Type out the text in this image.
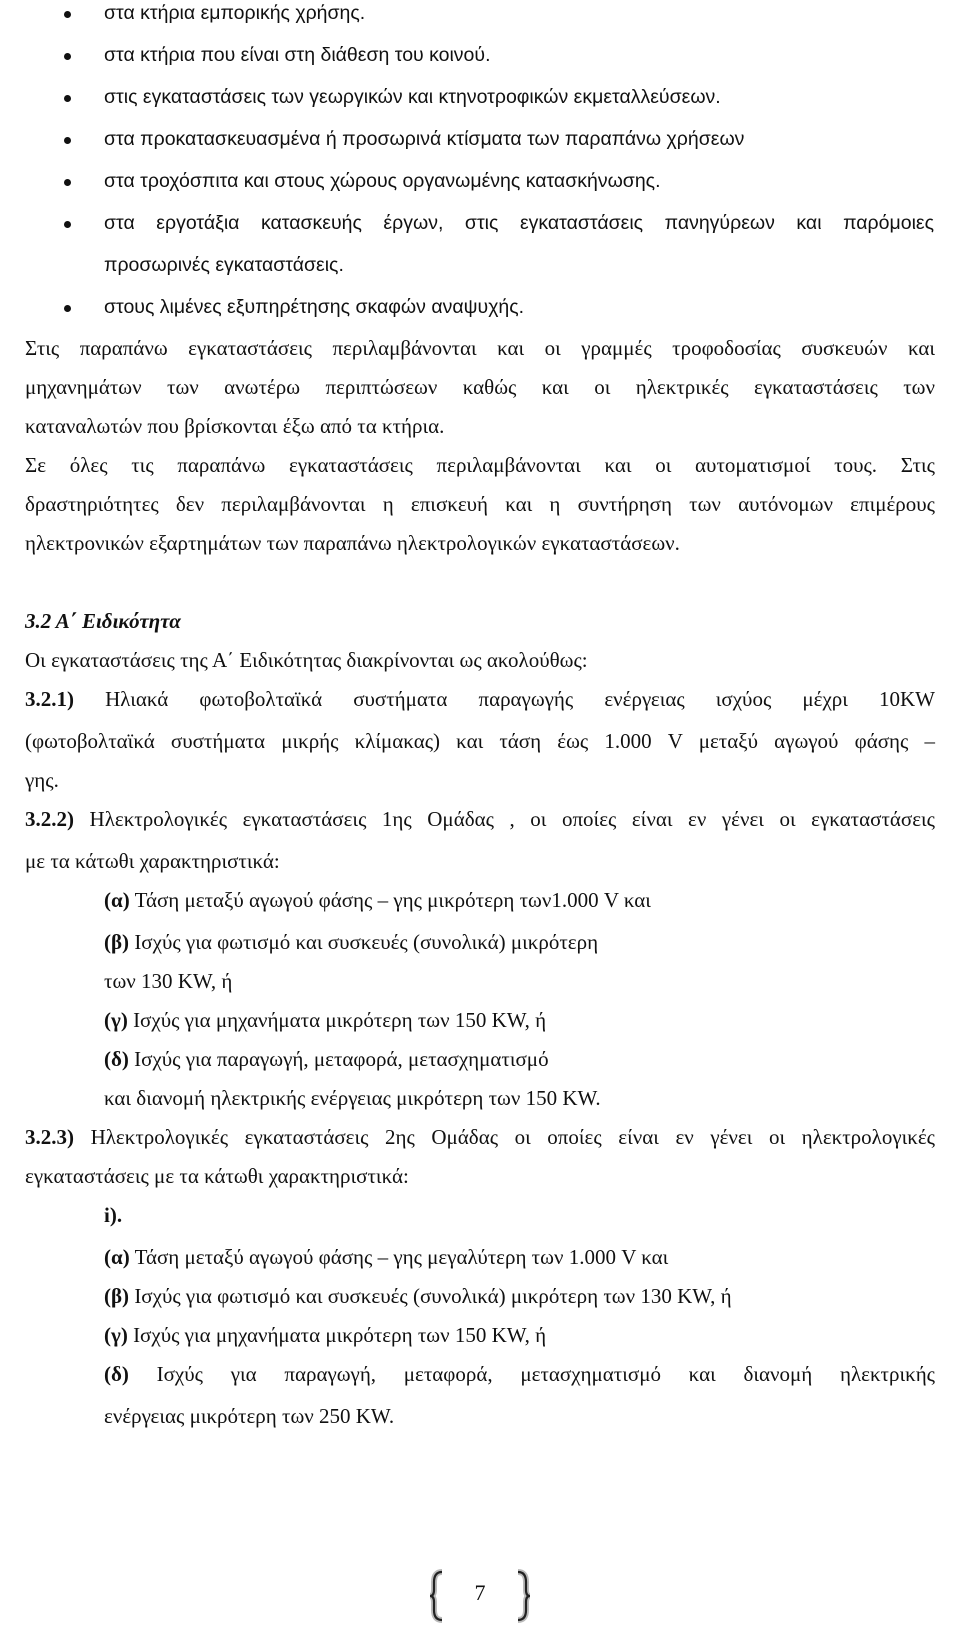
στα κτήρια εμπορικής χρήσης.
στα κτήρια που είναι στη διάθεση του κοινού.
στις εγκαταστάσεις των γεωργικών και κτηνοτροφικών εκμεταλλεύσεων.
στα προκατασκευασμένα ή προσωρινά κτίσματα των παραπάνω χρήσεων
στα τροχόσπιτα και στους χώρους οργανωμένης κατασκήνωσης.
στα εργοτάξια κατασκευής έργων, στις εγκαταστάσεις πανηγύρεων και παρόμοιες
προσωρινές εγκαταστάσεις.
στους λιμένες εξυπηρέτησης σκαφών αναψυχής.
Στις παραπάνω εγκαταστάσεις περιλαμβάνονται και οι γραμμές τροφοδοσίας συσκευών και
μηχανημάτων των ανωτέρω περιπτώσεων καθώς και οι ηλεκτρικές εγκαταστάσεις των
καταναλωτών που βρίσκονται έξω από τα κτήρια.
Σε όλες τις παραπάνω εγκαταστάσεις περιλαμβάνονται και οι αυτοματισμοί τους. Στις
δραστηριότητες δεν περιλαμβάνονται η επισκευή και η συντήρηση των αυτόνομων επιμέρους
ηλεκτρονικών εξαρτημάτων των παραπάνω ηλεκτρολογικών εγκαταστάσεων.
3.2 Α΄ Ειδικότητα
Οι εγκαταστάσεις της Α΄ Ειδικότητας διακρίνονται ως ακολούθως:
3.2.1) Ηλιακά φωτοβολταϊκά συστήματα παραγωγής ενέργειας ισχύος μέχρι 10KW
(φωτοβολταϊκά συστήματα μικρής κλίμακας) και τάση έως 1.000 V μεταξύ αγωγού φάσης –
γης.
3.2.2) Ηλεκτρολογικές εγκαταστάσεις 1ης Ομάδας , οι οποίες είναι εν γένει οι εγκαταστάσεις
με τα κάτωθι χαρακτηριστικά:
(α) Τάση μεταξύ αγωγού φάσης – γης μικρότερη των1.000 V και
(β) Ισχύς για φωτισμό και συσκευές (συνολικά) μικρότερη
των 130 KW, ή
(γ) Ισχύς για μηχανήματα μικρότερη των 150 KW, ή
(δ) Ισχύς για παραγωγή, μεταφορά, μετασχηματισμό
και διανομή ηλεκτρικής ενέργειας μικρότερη των 150 KW.
3.2.3) Ηλεκτρολογικές εγκαταστάσεις 2ης Ομάδας οι οποίες είναι εν γένει οι ηλεκτρολογικές
εγκαταστάσεις με τα κάτωθι χαρακτηριστικά:
i).
(α) Τάση μεταξύ αγωγού φάσης – γης μεγαλύτερη των 1.000 V και
(β) Ισχύς για φωτισμό και συσκευές (συνολικά) μικρότερη των 130 KW, ή
(γ) Ισχύς για μηχανήματα μικρότερη των 150 KW, ή
(δ) Ισχύς για παραγωγή, μεταφορά, μετασχηματισμό και διανομή ηλεκτρικής
ενέργειας μικρότερη των 250 KW.
7
